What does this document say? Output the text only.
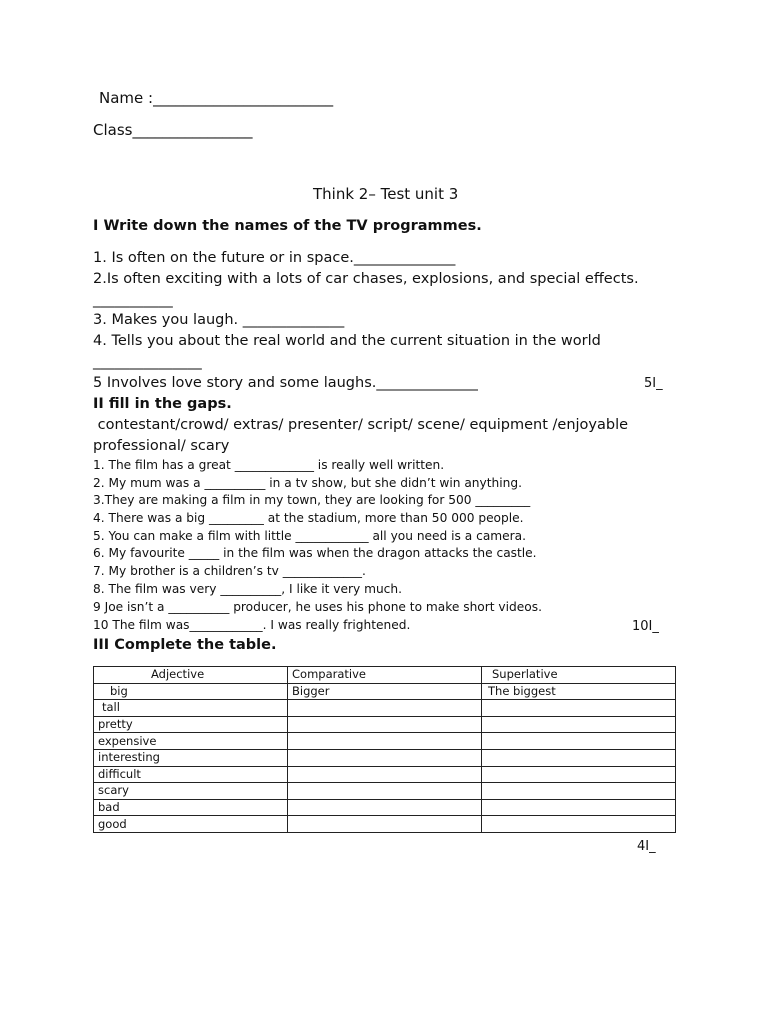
Name :________________________
Class________________
Think 2– Test unit 3
I Write down the names of the TV programmes.

1. Is often on the future or in space.______________

2.Is often exciting with a lots of car chases, explosions, and special effects.

___________

3. Makes you laugh. ______________

4. Tells you about the real world and the current situation in the world

_______________

5 Involves love story and some laughs.______________	5I_
II fill in the gaps.
contestant/crowd/ extras/ presenter/ script/ scene/ equipment /enjoyable
professional/ scary

1. The film has a great _____________ is really well written.

2. My mum was a __________ in a tv show, but she didn’t win anything.

3.They are making a film in my town, they are looking for 500 _________

4. There was a big _________ at the stadium, more than 50 000 people.

5. You can make a film with little ____________ all you need is a camera.

6. My favourite _____ in the film was when the dragon attacks the castle.

7. My brother is a children’s tv _____________.

8. The film was very __________, I like it very much.

9 Joe isn’t a __________ producer, he uses his phone to make short videos.

10 The film was____________. I was really frightened.	10I_
III Complete the table.
Adjective	Comparative	Superlative
big	Bigger	The biggest
tall		
pretty		
expensive		
interesting		
difficult		
scary		
bad		
good		
4I_
